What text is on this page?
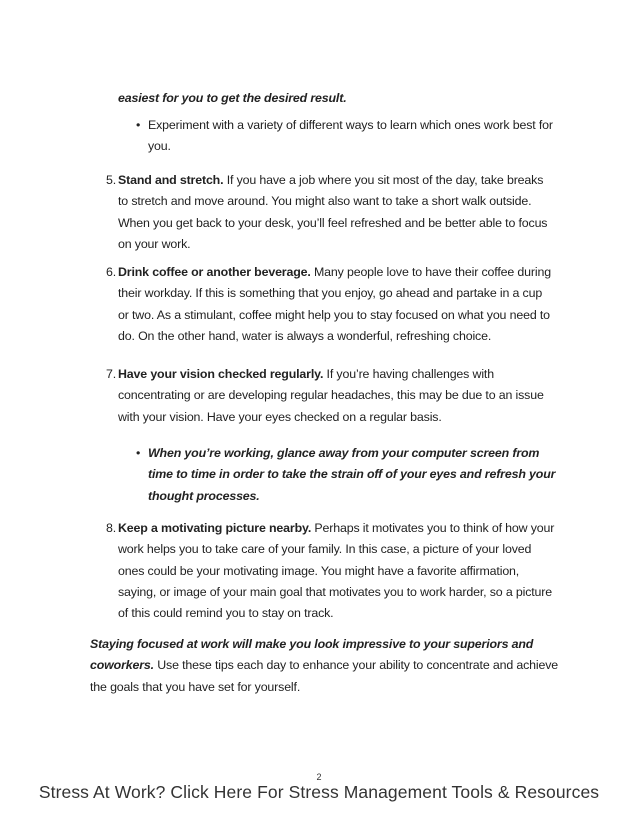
easiest for you to get the desired result.
• Experiment with a variety of different ways to learn which ones work best for you.
5. Stand and stretch. If you have a job where you sit most of the day, take breaks to stretch and move around. You might also want to take a short walk outside. When you get back to your desk, you’ll feel refreshed and be better able to focus on your work.
6. Drink coffee or another beverage. Many people love to have their coffee during their workday. If this is something that you enjoy, go ahead and partake in a cup or two. As a stimulant, coffee might help you to stay focused on what you need to do. On the other hand, water is always a wonderful, refreshing choice.
7. Have your vision checked regularly. If you’re having challenges with concentrating or are developing regular headaches, this may be due to an issue with your vision. Have your eyes checked on a regular basis.
• When you’re working, glance away from your computer screen from time to time in order to take the strain off of your eyes and refresh your thought processes.
8. Keep a motivating picture nearby. Perhaps it motivates you to think of how your work helps you to take care of your family. In this case, a picture of your loved ones could be your motivating image. You might have a favorite affirmation, saying, or image of your main goal that motivates you to work harder, so a picture of this could remind you to stay on track.
Staying focused at work will make you look impressive to your superiors and coworkers. Use these tips each day to enhance your ability to concentrate and achieve the goals that you have set for yourself.
2
Stress At Work? Click Here For Stress Management Tools & Resources
